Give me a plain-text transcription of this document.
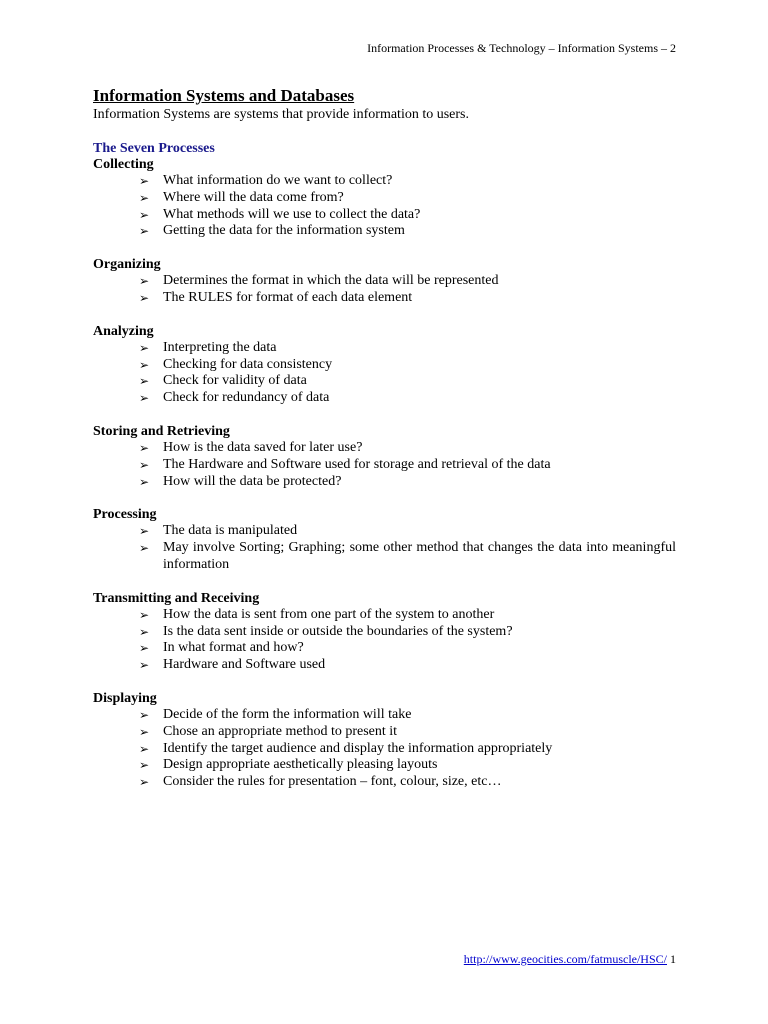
Information Processes & Technology – Information Systems – 2
Information Systems and Databases

Information Systems are systems that provide information to users.

The Seven Processes

Collecting
➢ What information do we want to collect?
➢ Where will the data come from?
➢ What methods will we use to collect the data?
➢ Getting the data for the information system
Organizing
➢ Determines the format in which the data will be represented
➢ The RULES for format of each data element
Analyzing
➢ Interpreting the data
➢ Checking for data consistency
➢ Check for validity of data
➢ Check for redundancy of data
Storing and Retrieving
➢ How is the data saved for later use?
➢ The Hardware and Software used for storage and retrieval of the data
➢ How will the data be protected?
Processing
➢ The data is manipulated
➢ May involve Sorting; Graphing; some other method that changes the data into meaningful information
Transmitting and Receiving
➢ How the data is sent from one part of the system to another
➢ Is the data sent inside or outside the boundaries of the system?
➢ In what format and how?
➢ Hardware and Software used
Displaying
➢ Decide of the form the information will take
➢ Chose an appropriate method to present it
➢ Identify the target audience and display the information appropriately
➢ Design appropriate aesthetically pleasing layouts
➢ Consider the rules for presentation – font, colour, size, etc…
http://www.geocities.com/fatmuscle/HSC/ 1
